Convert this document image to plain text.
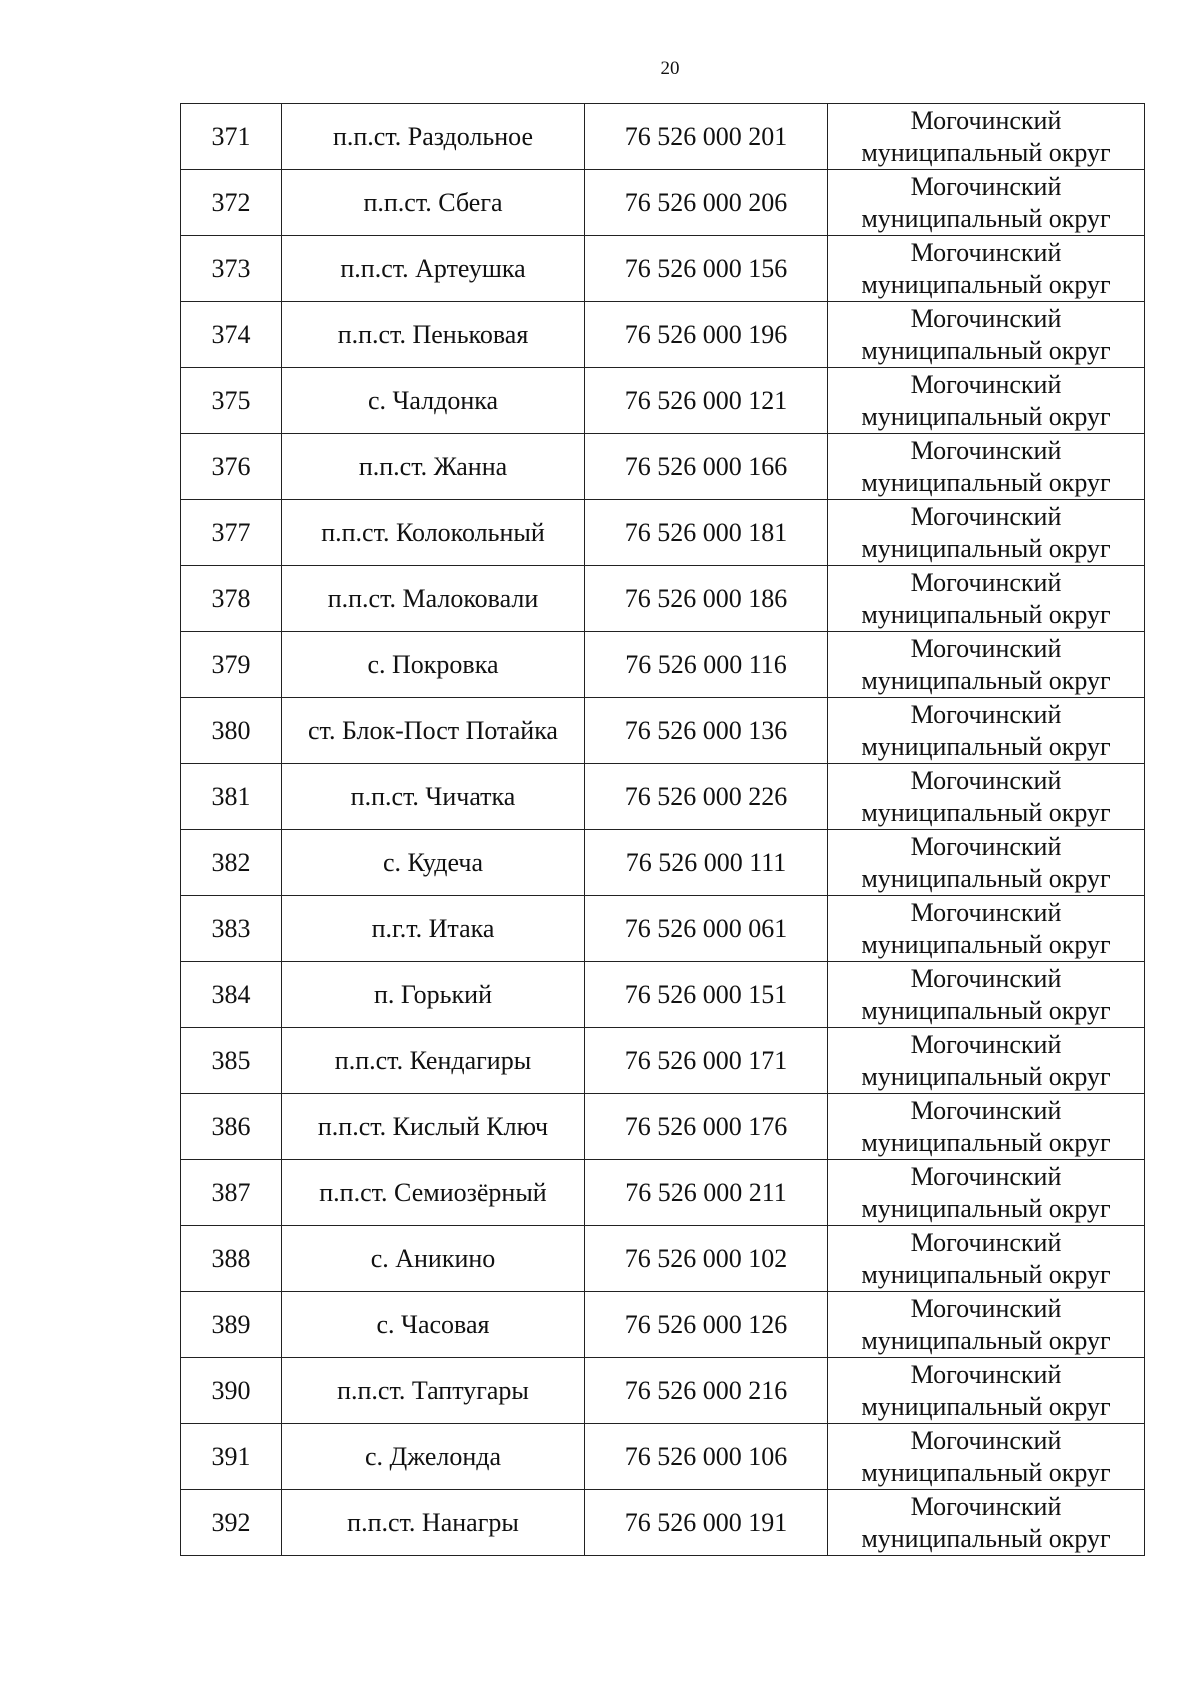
20
371	п.п.ст. Раздольное	76 526 000 201	Могочинский
муниципальный округ

372	п.п.ст. Сбега	76 526 000 206	Могочинский
муниципальный округ

373	п.п.ст. Артеушка	76 526 000 156	Могочинский
муниципальный округ

374	п.п.ст. Пеньковая	76 526 000 196	Могочинский
муниципальный округ

375	с. Чалдонка	76 526 000 121	Могочинский
муниципальный округ

376	п.п.ст. Жанна	76 526 000 166	Могочинский
муниципальный округ

377	п.п.ст. Колокольный	76 526 000 181	Могочинский
муниципальный округ

378	п.п.ст. Малоковали	76 526 000 186	Могочинский
муниципальный округ

379	с. Покровка	76 526 000 116	Могочинский
муниципальный округ

380	ст. Блок-Пост Потайка	76 526 000 136	Могочинский
муниципальный округ

381	п.п.ст. Чичатка	76 526 000 226	Могочинский
муниципальный округ

382	с. Кудеча	76 526 000 111	Могочинский
муниципальный округ

383	п.г.т. Итака	76 526 000 061	Могочинский
муниципальный округ

384	п. Горький	76 526 000 151	Могочинский
муниципальный округ

385	п.п.ст. Кендагиры	76 526 000 171	Могочинский
муниципальный округ

386	п.п.ст. Кислый Ключ	76 526 000 176	Могочинский
муниципальный округ

387	п.п.ст. Семиозёрный	76 526 000 211	Могочинский
муниципальный округ

388	с. Аникино	76 526 000 102	Могочинский
муниципальный округ

389	с. Часовая	76 526 000 126	Могочинский
муниципальный округ

390	п.п.ст. Таптугары	76 526 000 216	Могочинский
муниципальный округ

391	с. Джелонда	76 526 000 106	Могочинский
муниципальный округ

392	п.п.ст. Нанагры	76 526 000 191	Могочинский
муниципальный округ
